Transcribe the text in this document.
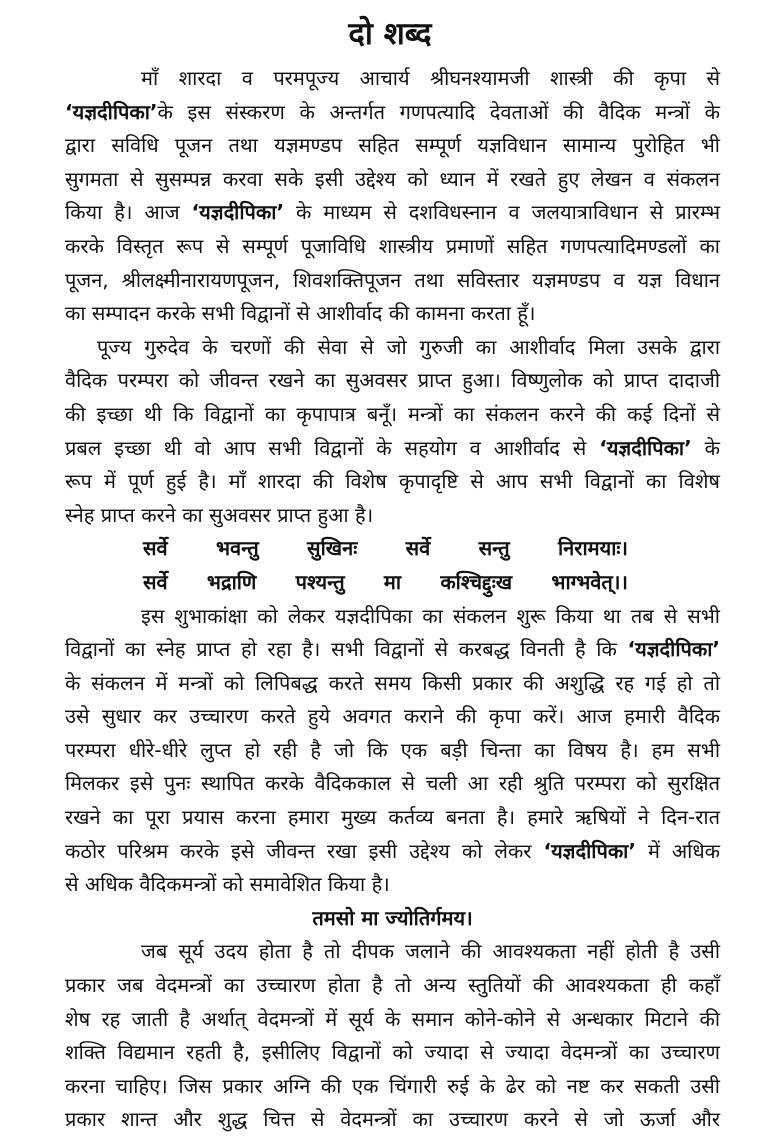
दो शब्द
माँ शारदा व परमपूज्य आचार्य श्रीघनश्यामजी शास्त्री की कृपा से
‘यज्ञदीपिका’के इस संस्करण के अन्तर्गत गणपत्यादि देवताओं की वैदिक मन्त्रों के
द्वारा सविधि पूजन तथा यज्ञमण्डप सहित सम्पूर्ण यज्ञविधान सामान्य पुरोहित भी
सुगमता से सुसम्पन्न करवा सके इसी उद्देश्य को ध्यान में रखते हुए लेखन व संकलन
किया है। आज ‘यज्ञदीपिका’ के माध्यम से दशविधस्नान व जलयात्राविधान से प्रारम्भ
करके विस्तृत रूप से सम्पूर्ण पूजाविधि शास्त्रीय प्रमाणों सहित गणपत्यादिमण्डलों का
पूजन, श्रीलक्ष्मीनारायणपूजन, शिवशक्तिपूजन तथा सविस्तार यज्ञमण्डप व यज्ञ विधान
का सम्पादन करके सभी विद्वानों से आशीर्वाद की कामना करता हूँ।
पूज्य गुरुदेव के चरणों की सेवा से जो गुरुजी का आशीर्वाद मिला उसके द्वारा
वैदिक परम्परा को जीवन्त रखने का सुअवसर प्राप्त हुआ। विष्णुलोक को प्राप्त दादाजी
की इच्छा थी कि विद्वानों का कृपापात्र बनूँ। मन्त्रों का संकलन करने की कई दिनों से
प्रबल इच्छा थी वो आप सभी विद्वानों के सहयोग व आशीर्वाद से ‘यज्ञदीपिका’ के
रूप में पूर्ण हुई है। माँ शारदा की विशेष कृपादृष्टि से आप सभी विद्वानों का विशेष
स्नेह प्राप्त करने का सुअवसर प्राप्त हुआ है।
सर्वे भवन्तु सुखिनः सर्वे सन्तु निरामयाः।
सर्वे भद्राणि पश्यन्तु मा कश्चिद्दुःख भाग्भवेत्।।
इस शुभाकांक्षा को लेकर यज्ञदीपिका का संकलन शुरू किया था तब से सभी
विद्वानों का स्नेह प्राप्त हो रहा है। सभी विद्वानों से करबद्ध विनती है कि ‘यज्ञदीपिका’
के संकलन में मन्त्रों को लिपिबद्ध करते समय किसी प्रकार की अशुद्धि रह गई हो तो
उसे सुधार कर उच्चारण करते हुये अवगत कराने की कृपा करें। आज हमारी वैदिक
परम्परा धीरे-धीरे लुप्त हो रही है जो कि एक बड़ी चिन्ता का विषय है। हम सभी
मिलकर इसे पुनः स्थापित करके वैदिककाल से चली आ रही श्रुति परम्परा को सुरक्षित
रखने का पूरा प्रयास करना हमारा मुख्य कर्तव्य बनता है। हमारे ऋषियों ने दिन-रात
कठोर परिश्रम करके इसे जीवन्त रखा इसी उद्देश्य को लेकर ‘यज्ञदीपिका’ में अधिक
से अधिक वैदिकमन्त्रों को समावेशित किया है।
तमसो मा ज्योतिर्गमय।
जब सूर्य उदय होता है तो दीपक जलाने की आवश्यकता नहीं होती है उसी
प्रकार जब वेदमन्त्रों का उच्चारण होता है तो अन्य स्तुतियों की आवश्यकता ही कहाँ
शेष रह जाती है अर्थात् वेदमन्त्रों में सूर्य के समान कोने-कोने से अन्धकार मिटाने की
शक्ति विद्यमान रहती है, इसीलिए विद्वानों को ज्यादा से ज्यादा वेदमन्त्रों का उच्चारण
करना चाहिए। जिस प्रकार अग्नि की एक चिंगारी रुई के ढेर को नष्ट कर सकती उसी
प्रकार शान्त और शुद्ध चित्त से वेदमन्त्रों का उच्चारण करने से जो ऊर्जा और
